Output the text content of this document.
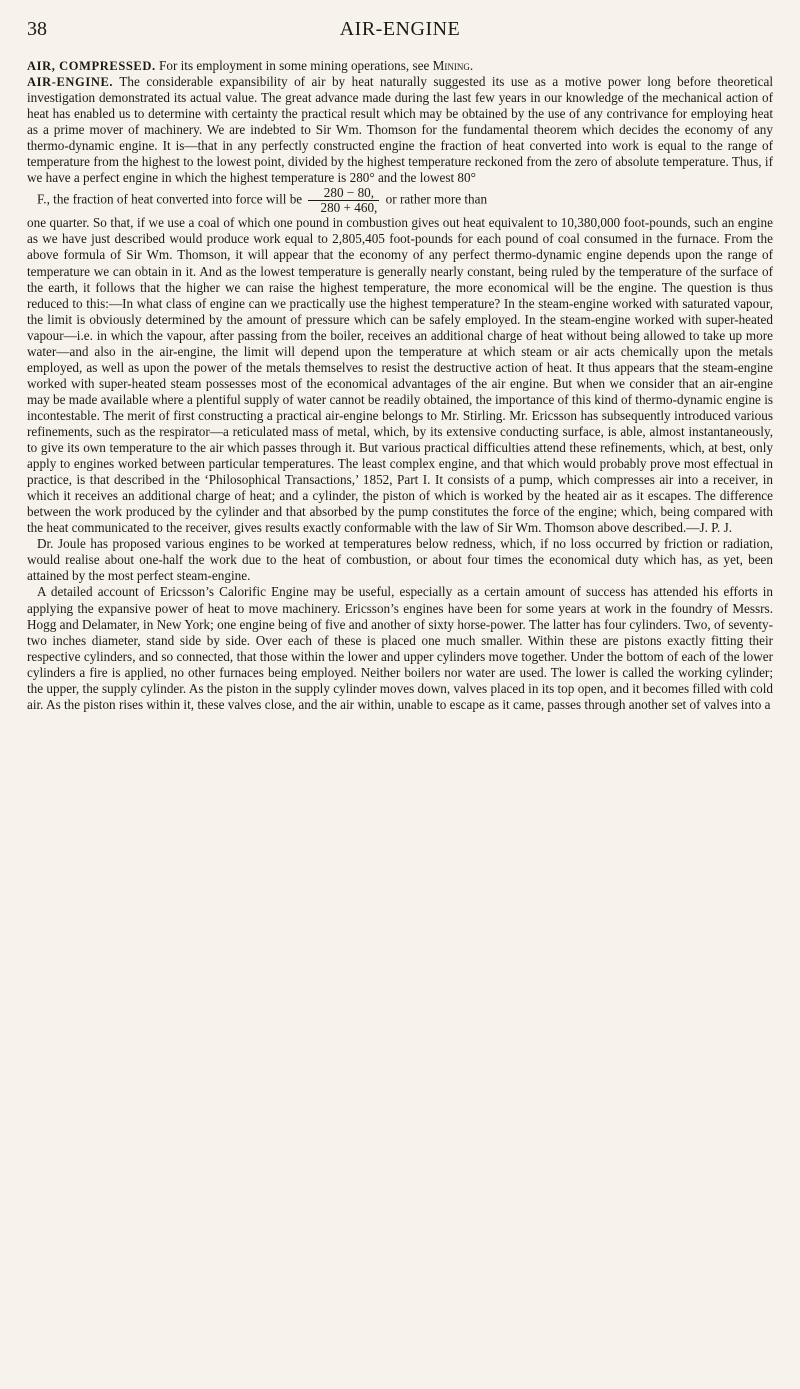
38	AIR-ENGINE

AIR, COMPRESSED. For its employment in some mining operations, see Mining.

AIR-ENGINE. The considerable expansibility of air by heat naturally suggested its use as a motive power long before theoretical investigation demonstrated its actual value. The great advance made during the last few years in our knowledge of the mechanical action of heat has enabled us to determine with certainty the practical result which may be obtained by the use of any contrivance for employing heat as a prime mover of machinery. We are indebted to Sir Wm. Thomson for the fundamental theorem which decides the economy of any thermo-dynamic engine. It is—that in any perfectly constructed engine the fraction of heat converted into work is equal to the range of temperature from the highest to the lowest point, divided by the highest temperature reckoned from the zero of absolute temperature. Thus, if we have a perfect engine in which the highest temperature is 280° and the lowest 80°

F., the fraction of heat converted into force will be $\frac{280 - 80,}{280 + 460,}$ or rather more than

one quarter. So that, if we use a coal of which one pound in combustion gives out heat equivalent to 10,380,000 foot-pounds, such an engine as we have just described would produce work equal to 2,805,405 foot-pounds for each pound of coal consumed in the furnace. From the above formula of Sir Wm. Thomson, it will appear that the economy of any perfect thermo-dynamic engine depends upon the range of temperature we can obtain in it. And as the lowest temperature is generally nearly constant, being ruled by the temperature of the surface of the earth, it follows that the higher we can raise the highest temperature, the more economical will be the engine. The question is thus reduced to this:—In what class of engine can we practically use the highest temperature? In the steam-engine worked with saturated vapour, the limit is obviously determined by the amount of pressure which can be safely employed. In the steam-engine worked with super-heated vapour—i.e. in which the vapour, after passing from the boiler, receives an additional charge of heat without being allowed to take up more water—and also in the air-engine, the limit will depend upon the temperature at which steam or air acts chemically upon the metals employed, as well as upon the power of the metals themselves to resist the destructive action of heat. It thus appears that the steam-engine worked with super-heated steam possesses most of the economical advantages of the air engine. But when we consider that an air-engine may be made available where a plentiful supply of water cannot be readily obtained, the importance of this kind of thermo-dynamic engine is incontestable. The merit of first constructing a practical air-engine belongs to Mr. Stirling. Mr. Ericsson has subsequently introduced various refinements, such as the respirator—a reticulated mass of metal, which, by its extensive conducting surface, is able, almost instantaneously, to give its own temperature to the air which passes through it. But various practical difficulties attend these refinements, which, at best, only apply to engines worked between particular temperatures. The least complex engine, and that which would probably prove most effectual in practice, is that described in the ‘Philosophical Transactions,’ 1852, Part I. It consists of a pump, which compresses air into a receiver, in which it receives an additional charge of heat; and a cylinder, the piston of which is worked by the heated air as it escapes. The difference between the work produced by the cylinder and that absorbed by the pump constitutes the force of the engine; which, being compared with the heat communicated to the receiver, gives results exactly conformable with the law of Sir Wm. Thomson above described.—J. P. J.

Dr. Joule has proposed various engines to be worked at temperatures below redness, which, if no loss occurred by friction or radiation, would realise about one-half the work due to the heat of combustion, or about four times the economical duty which has, as yet, been attained by the most perfect steam-engine.

A detailed account of Ericsson’s Calorific Engine may be useful, especially as a certain amount of success has attended his efforts in applying the expansive power of heat to move machinery. Ericsson’s engines have been for some years at work in the foundry of Messrs. Hogg and Delamater, in New York; one engine being of five and another of sixty horse-power. The latter has four cylinders. Two, of seventy-two inches diameter, stand side by side. Over each of these is placed one much smaller. Within these are pistons exactly fitting their respective cylinders, and so connected, that those within the lower and upper cylinders move together. Under the bottom of each of the lower cylinders a fire is applied, no other furnaces being employed. Neither boilers nor water are used. The lower is called the working cylinder; the upper, the supply cylinder. As the piston in the supply cylinder moves down, valves placed in its top open, and it becomes filled with cold air. As the piston rises within it, these valves close, and the air within, unable to escape as it came, passes through another set of valves into a
